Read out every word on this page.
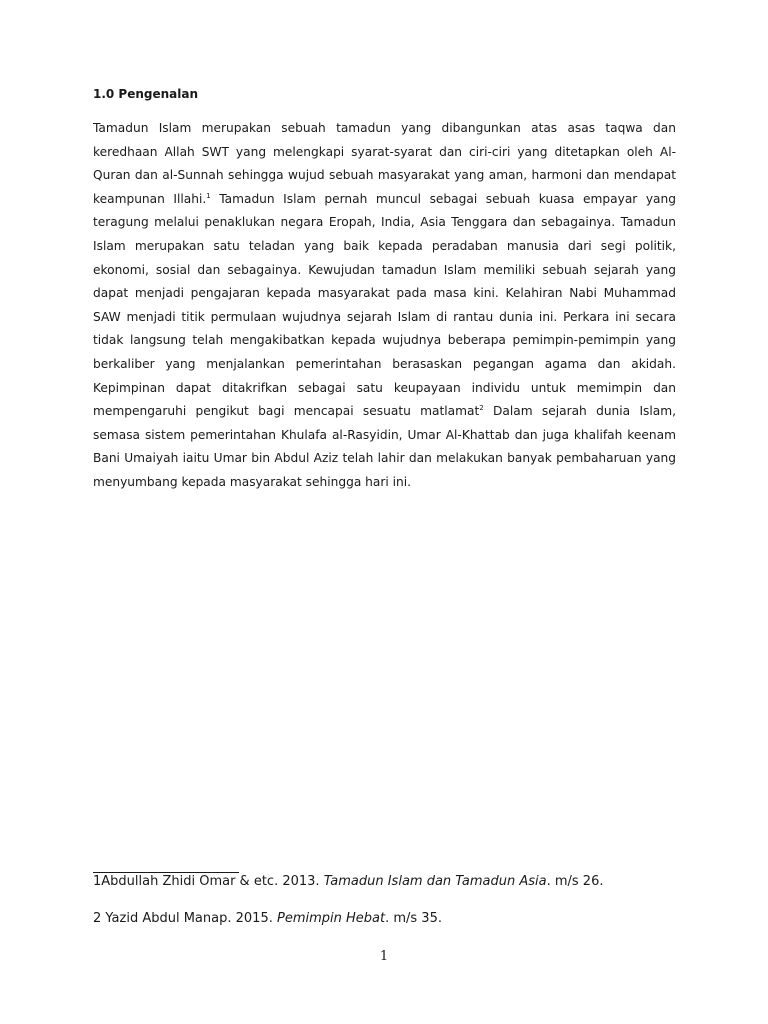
1.0 Pengenalan

Tamadun Islam merupakan sebuah tamadun yang dibangunkan atas asas taqwa dan keredhaan Allah SWT yang melengkapi syarat-syarat dan ciri-ciri yang ditetapkan oleh Al-Quran dan al-Sunnah sehingga wujud sebuah masyarakat yang aman, harmoni dan mendapat keampunan Illahi.$^1$ Tamadun Islam pernah muncul sebagai sebuah kuasa empayar yang teragung melalui penaklukan negara Eropah, India, Asia Tenggara dan sebagainya. Tamadun Islam merupakan satu teladan yang baik kepada peradaban manusia dari segi politik, ekonomi, sosial dan sebagainya. Kewujudan tamadun Islam memiliki sebuah sejarah yang dapat menjadi pengajaran kepada masyarakat pada masa kini. Kelahiran Nabi Muhammad SAW menjadi titik permulaan wujudnya sejarah Islam di rantau dunia ini. Perkara ini secara tidak langsung telah mengakibatkan kepada wujudnya beberapa pemimpin-pemimpin yang berkaliber yang menjalankan pemerintahan berasaskan pegangan agama dan akidah. Kepimpinan dapat ditakrifkan sebagai satu keupayaan individu untuk memimpin dan mempengaruhi pengikut bagi mencapai sesuatu matlamat$^2$ Dalam sejarah dunia Islam, semasa sistem pemerintahan Khulafa al-Rasyidin, Umar Al-Khattab dan juga khalifah keenam Bani Umaiyah iaitu Umar bin Abdul Aziz telah lahir dan melakukan banyak pembaharuan yang menyumbang kepada masyarakat sehingga hari ini.

1Abdullah Zhidi Omar & etc. 2013. Tamadun Islam dan Tamadun Asia. m/s 26.

2 Yazid Abdul Manap. 2015. Pemimpin Hebat. m/s 35.

1
